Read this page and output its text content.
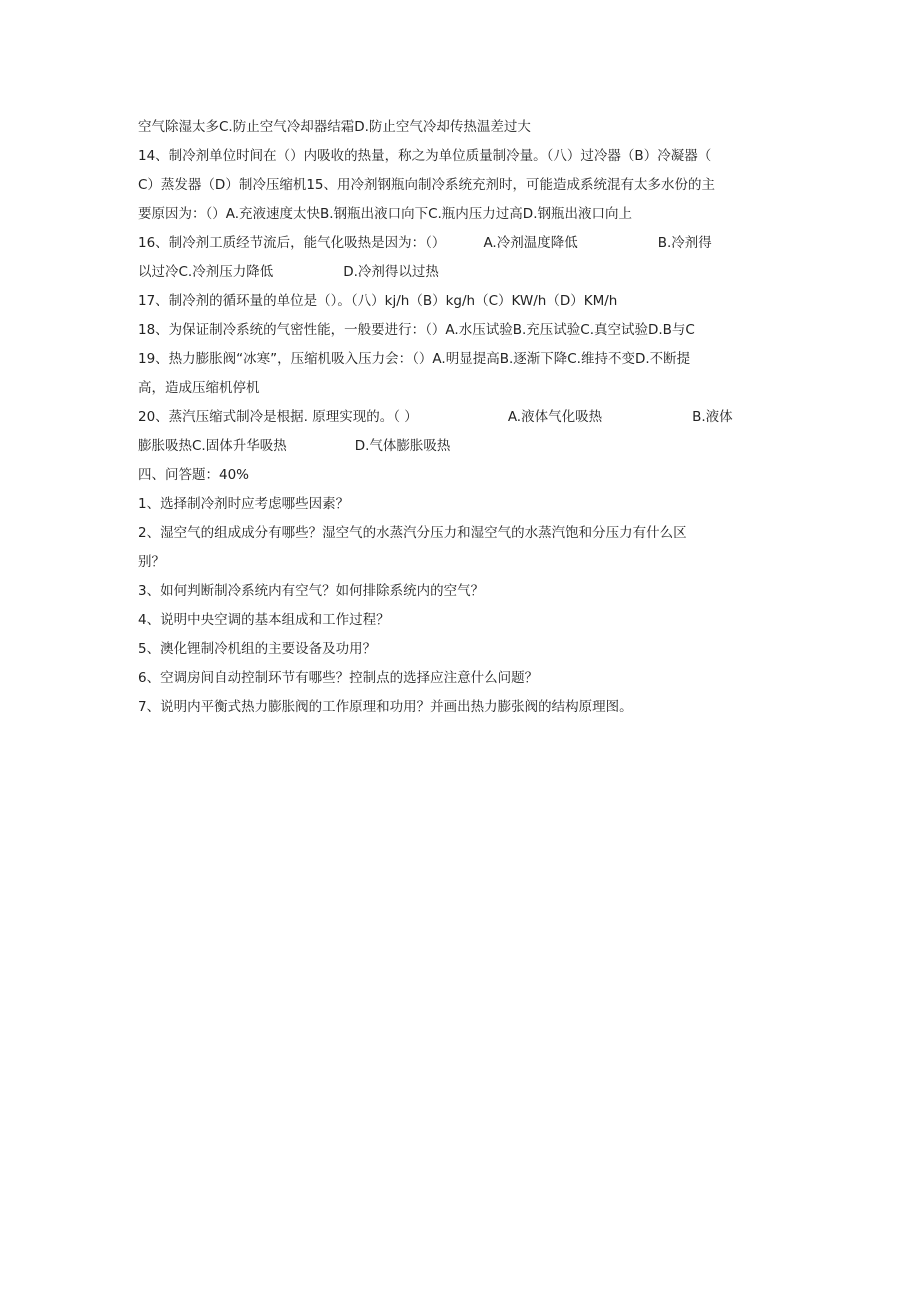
空气除湿太多C.防止空气冷却器结霜D.防止空气冷却传热温差过大
14、制冷剂单位时间在（）内吸收的热量，称之为单位质量制冷量。（八）过冷器（B）冷凝器（
C）蒸发器（D）制冷压缩机15、用冷剂钢瓶向制冷系统充剂时，可能造成系统混有太多水份的主
要原因为：（）A.充液速度太快B.钢瓶出液口向下C.瓶内压力过高D.钢瓶出液口向上
16、制冷剂工质经节流后，能气化吸热是因为：（）	A.冷剂温度降低	B.冷剂得
以过冷C.冷剂压力降低	D.冷剂得以过热
17、制冷剂的循环量的单位是（）。（八）kj/h（B）kg/h（C）KW/h（D）KM/h
18、为保证制冷系统的气密性能，一般要进行：（）A.水压试验B.充压试验C.真空试验D.B与C
19、热力膨胀阀“冰寒”，压缩机吸入压力会：（）A.明显提高B.逐渐下降C.维持不变D.不断提
高，造成压缩机停机
20、蒸汽压缩式制冷是根据. 原理实现的。（ ）	A.液体气化吸热	B.液体
膨胀吸热C.固体升华吸热	D.气体膨胀吸热
四、问答题：40%
1、选择制冷剂时应考虑哪些因素？
2、湿空气的组成成分有哪些？湿空气的水蒸汽分压力和湿空气的水蒸汽饱和分压力有什么区
别？
3、如何判断制冷系统内有空气？如何排除系统内的空气？
4、说明中央空调的基本组成和工作过程？
5、澳化锂制冷机组的主要设备及功用？
6、空调房间自动控制环节有哪些？控制点的选择应注意什么问题？
7、说明内平衡式热力膨胀阀的工作原理和功用？并画出热力膨张阀的结构原理图。
